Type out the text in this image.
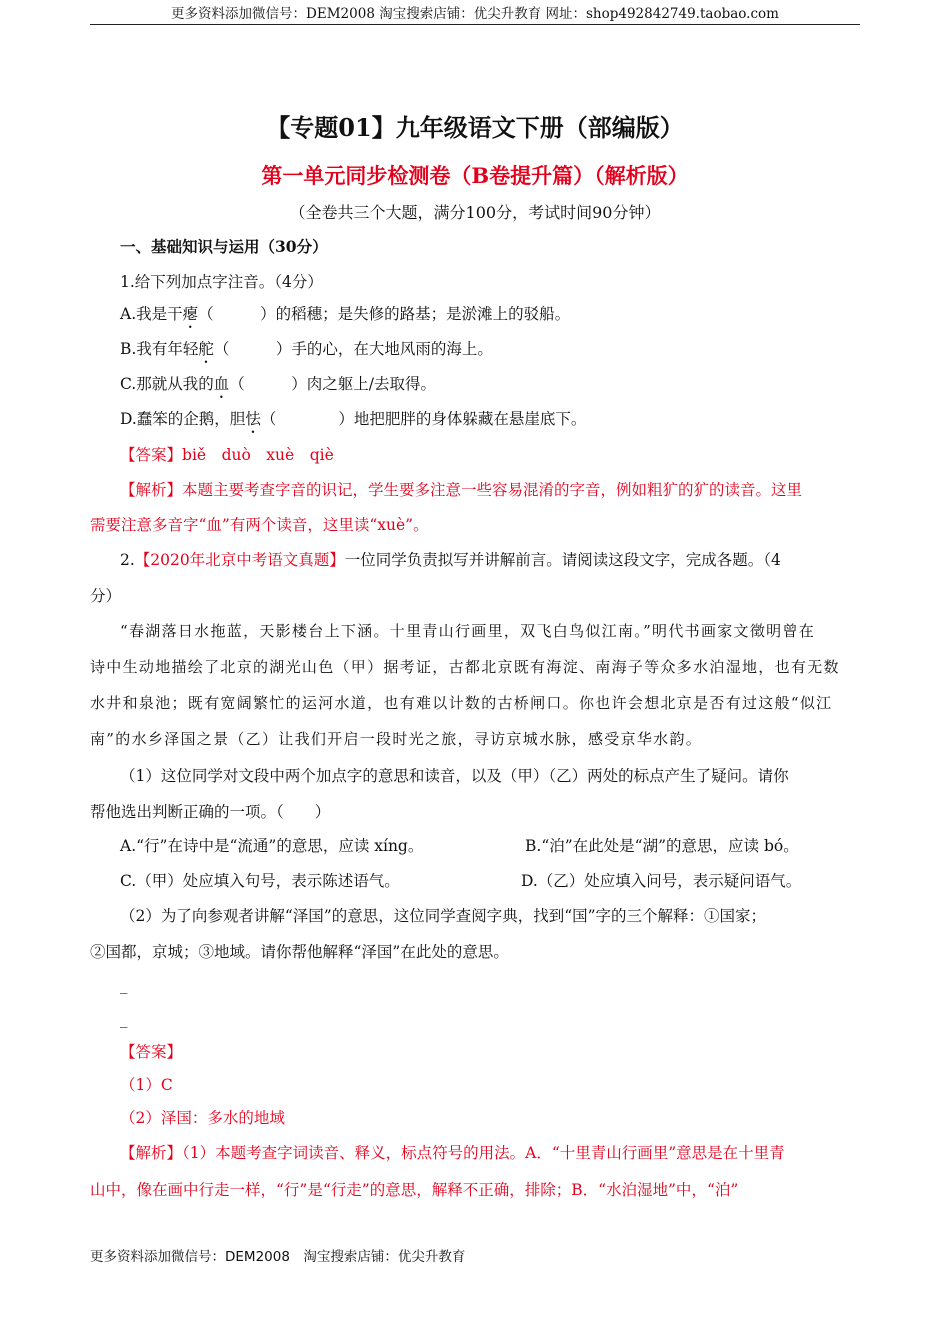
更多资料添加微信号：DEM2008 淘宝搜索店铺：优尖升教育 网址：shop492842749.taobao.com
【专题01】九年级语文下册（部编版）
第一单元同步检测卷（B卷提升篇）（解析版）
（全卷共三个大题，满分100分，考试时间90分钟）
一、基础知识与运用（30分）
1.给下列加点字注音。（4分）
A.我是干瘪（　　　）的稻穗；是失修的路基；是淤滩上的驳船。
B.我有年轻舵（　　　）手的心，在大地风雨的海上。
C.那就从我的血（　　　）肉之躯上/去取得。
D.蠢笨的企鹅，胆怯（　　　　）地把肥胖的身体躲藏在悬崖底下。
【答案】biě　duò　xuè　qiè
【解析】本题主要考查字音的识记，学生要多注意一些容易混淆的字音，例如粗犷的犷的读音。这里
需要注意多音字“血”有两个读音，这里读“xuè”。
2.【2020年北京中考语文真题】一位同学负责拟写并讲解前言。请阅读这段文字，完成各题。（4
分）
“春湖落日水拖蓝，天影楼台上下涵。十里青山行画里，双飞白鸟似江南。”明代书画家文徵明曾在
诗中生动地描绘了北京的湖光山色（甲）据考证，古都北京既有海淀、南海子等众多水泊湿地，也有无数
水井和泉池；既有宽阔繁忙的运河水道，也有难以计数的古桥闸口。你也许会想北京是否有过这般“似江
南”的水乡泽国之景（乙）让我们开启一段时光之旅，寻访京城水脉，感受京华水韵。
（1）这位同学对文段中两个加点字的意思和读音，以及（甲）（乙）两处的标点产生了疑问。请你
帮他选出判断正确的一项。（　　）
A.“行”在诗中是“流通”的意思，应读 xíng。	B.“泊”在此处是“湖”的意思，应读 bó。
C.（甲）处应填入句号，表示陈述语气。	D.（乙）处应填入问号，表示疑问语气。
（2）为了向参观者讲解“泽国”的意思，这位同学查阅字典，找到“国”字的三个解释：①国家；
②国都，京城；③地域。请你帮他解释“泽国”在此处的意思。
_
_
【答案】
（1）C
（2）泽国：多水的地域
【解析】（1）本题考查字词读音、释义，标点符号的用法。A．“十里青山行画里”意思是在十里青
山中，像在画中行走一样，“行”是“行走”的意思，解释不正确，排除；B．“水泊湿地”中，“泊”
更多资料添加微信号：DEM2008　淘宝搜索店铺：优尖升教育
